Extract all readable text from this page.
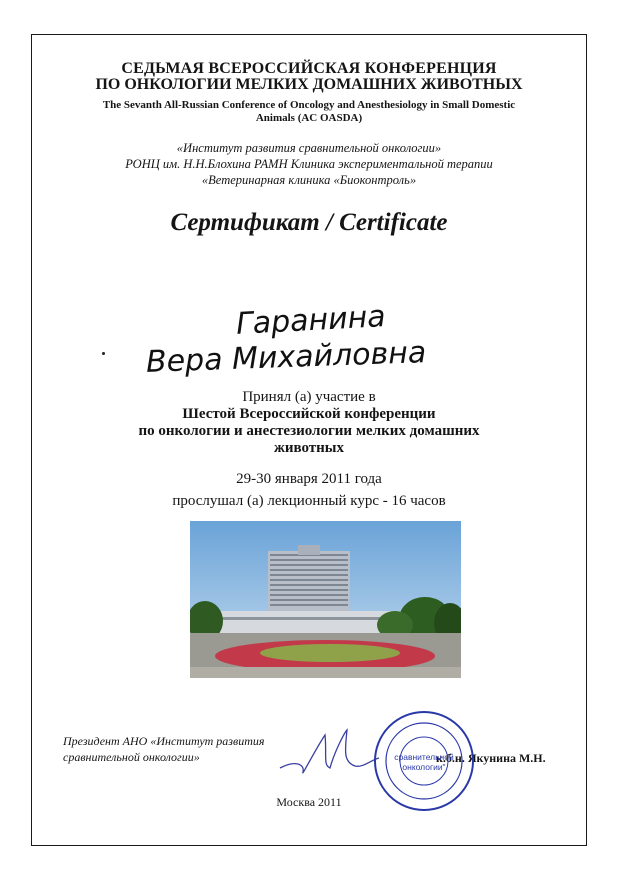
СЕДЬМАЯ ВСЕРОССИЙСКАЯ КОНФЕРЕНЦИЯ
ПО ОНКОЛОГИИ МЕЛКИХ ДОМАШНИХ ЖИВОТНЫХ
The Sevanth All-Russian Conference of Oncology and Anesthesiology in Small Domestic
Animals (AC OASDA)
«Институт развития сравнительной онкологии»
РОНЦ им. Н.Н.Блохина РАМН Клиника экспериментальной терапии
«Ветеринарная клиника «Биоконтроль»
Сертификат / Certificate
Гаранина
Вера Михайловна
Принял (а) участие в
Шестой Всероссийской конференции
по онкологии и анестезиологии мелких домашних
животных
29-30 января 2011 года
прослушал (а) лекционный курс - 16 часов
Президент АНО «Институт развития
сравнительной онкологии»	к.б.н. Якунина М.Н.
сравнительной
онкологии"
Москва 2011
